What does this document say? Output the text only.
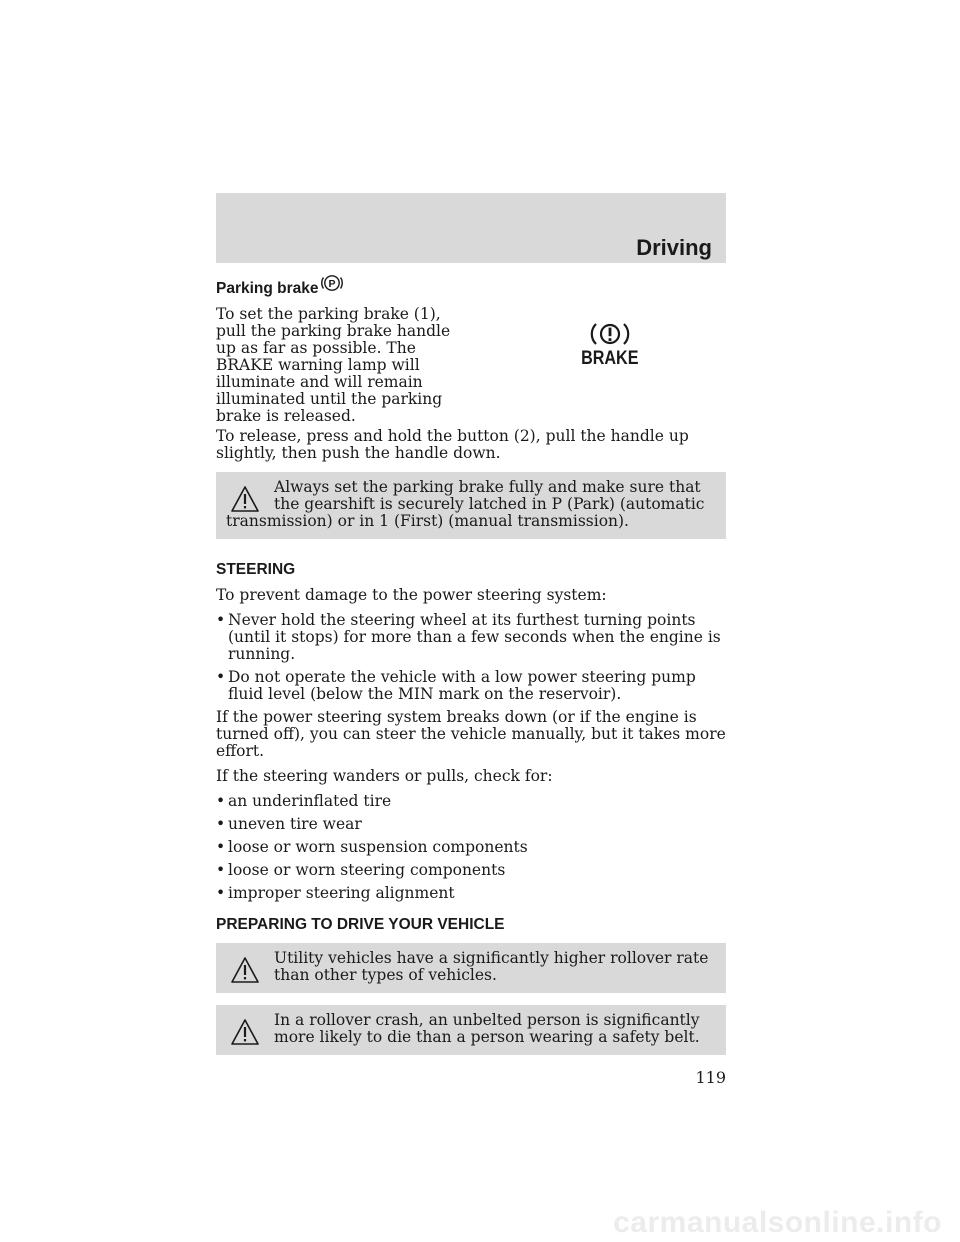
Driving
Parking brake P

To set the parking brake (1), pull the parking brake handle up as far as possible. The BRAKE warning lamp will illuminate and will remain illuminated until the parking brake is released.

BRAKE

To release, press and hold the button (2), pull the handle up slightly, then push the handle down.

Always set the parking brake fully and make sure that the gearshift is securely latched in P (Park) (automatic
transmission) or in 1 (First) (manual transmission).
STEERING

To prevent damage to the power steering system:

• Never hold the steering wheel at its furthest turning points (until it stops) for more than a few seconds when the engine is running.
• Do not operate the vehicle with a low power steering pump fluid level (below the MIN mark on the reservoir).

If the power steering system breaks down (or if the engine is turned off), you can steer the vehicle manually, but it takes more effort.

If the steering wanders or pulls, check for:

• an underinflated tire
• uneven tire wear
• loose or worn suspension components
• loose or worn steering components
• improper steering alignment
PREPARING TO DRIVE YOUR VEHICLE
Utility vehicles have a significantly higher rollover rate than other types of vehicles.
In a rollover crash, an unbelted person is significantly more likely to die than a person wearing a safety belt.
119
carmanualsonline.info
